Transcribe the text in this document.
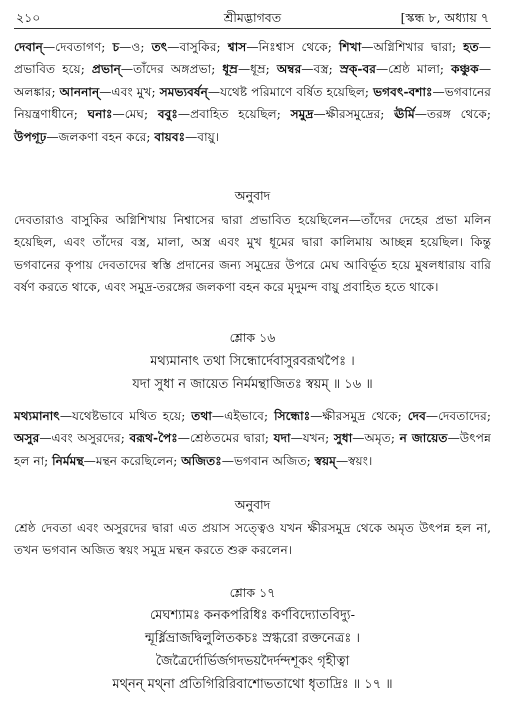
২১০	শ্রীমদ্ভাগবত	[স্কন্ধ ৮, অধ্যায় ৭

দেবান্—দেবতাগণ; চ—ও; তৎ—বাসুকির; শ্বাস—নিঃশ্বাস থেকে; শিখা—অগ্নিশিখার দ্বারা; হত—প্রভাবিত হয়ে; প্রভান্—তাঁদের অঙ্গপ্রভা; ধূম্র—ধূম্র; অম্বর—বস্ত্র; স্রক্-বর—শ্রেষ্ঠ মালা; কঞ্চুক—অলঙ্কার; আননান্—এবং মুখ; সমভ্যবর্ষন্—যথেষ্ট পরিমাণে বর্ষিত হয়েছিল; ভগবৎ-বশাঃ—ভগবানের নিয়ন্ত্রণাধীনে; ঘনাঃ—মেঘ; ববুঃ—প্রবাহিত হয়েছিল; সমুদ্র—ক্ষীরসমুদ্রের; ঊর্মি—তরঙ্গ থেকে; উপগূঢ়—জলকণা বহন করে; বায়বঃ—বায়ু।

অনুবাদ

দেবতারাও বাসুকির অগ্নিশিখায় নিশ্বাসের দ্বারা প্রভাবিত হয়েছিলেন—তাঁদের দেহের প্রভা মলিন হয়েছিল, এবং তাঁদের বস্ত্র, মালা, অস্ত্র এবং মুখ ধূমের দ্বারা কালিমায় আচ্ছন্ন হয়েছিল। কিন্তু ভগবানের কৃপায় দেবতাদের স্বস্তি প্রদানের জন্য সমুদ্রের উপরে মেঘ আবির্ভূত হয়ে মুষলধারায় বারি বর্ষণ করতে থাকে, এবং সমুদ্র-তরঙ্গের জলকণা বহন করে মৃদুমন্দ বায়ু প্রবাহিত হতে থাকে।

শ্লোক ১৬

মথ্যমানাৎ তথা সিন্ধোর্দেবাসুরবরূথপৈঃ ।
যদা সুধা ন জায়েত নির্মমন্থাজিতঃ স্বয়ম্ ॥ ১৬ ॥

মথ্যমানাৎ—যথেষ্টভাবে মথিত হয়ে; তথা—এইভাবে; সিন্ধোঃ—ক্ষীরসমুদ্র থেকে; দেব—দেবতাদের; অসুর—এবং অসুরদের; বরূথ-পৈঃ—শ্রেষ্ঠতমের দ্বারা; যদা—যখন; সুধা—অমৃত; ন জায়েত—উৎপন্ন হল না; নির্মমন্থ—মন্থন করেছিলেন; অজিতঃ—ভগবান অজিত; স্বয়ম্—স্বয়ং।

অনুবাদ

শ্রেষ্ঠ দেবতা এবং অসুরদের দ্বারা এত প্রয়াস সত্ত্বেও যখন ক্ষীরসমুদ্র থেকে অমৃত উৎপন্ন হল না, তখন ভগবান অজিত স্বয়ং সমুদ্র মন্থন করতে শুরু করলেন।

শ্লোক ১৭

মেঘশ্যামঃ কনকপরিধিঃ কর্ণবিদ্যোতবিদ্যু-
ন্মূর্ধ্নিভ্রাজদ্বিলুলিতকচঃ স্রগ্ধরো রক্তনেত্রঃ ।
জৈত্রৈর্দোর্ভির্জগদভয়দৈর্দন্দশূকং গৃহীত্বা
মথ্নন্ মথ্না প্রতিগিরিরিবাশোভতাথো ধৃতাদ্রিঃ ॥ ১৭ ॥
